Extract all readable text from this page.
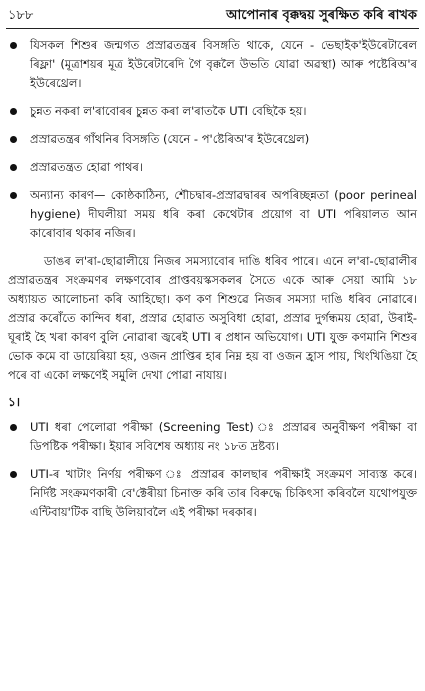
১৮৮	আপোনাৰ বৃক্কদ্বয় সুৰক্ষিত কৰি ৰাখক
যিসকল শিশুৰ জন্মগত প্ৰস্ৰাৱতন্ত্ৰৰ বিসঙ্গতি থাকে, যেনে - ভেছাইক'ইউৰেটাৰেল ৰিফ্লা' (মূত্ৰাশয়ৰ মূত্ৰ ইউৰেটাৰেদি গৈ বৃক্কলৈ উভতি যোৱা অৱস্থা) আৰু পষ্টেৰিঅ'ৰ ইউৰেথ্ৰেল।
চুন্নত নকৰা ল'ৰাবোৰৰ চুন্নত কৰা ল'ৰাতকৈ UTI বেছিকৈ হয়।
প্ৰস্ৰাৱতন্ত্ৰৰ গাঁথনিৰ বিসঙ্গতি (যেনে - প'ষ্টেৰিঅ'ৰ ইউৰেথ্ৰেল)
প্ৰস্ৰাৱতন্ত্ৰত হোৱা পাথৰ।
অন্যান্য কাৰণ— কোষ্ঠকাঠিন্য, শৌচদ্বাৰ-প্ৰস্ৰাৱদ্বাৰৰ অপৰিচ্ছন্নতা (poor perineal hygiene) দীঘলীয়া সময় ধৰি কৰা কেথেটাৰ প্ৰয়োগ বা UTI পৰিয়ালত আন কাৰোবাৰ থকাৰ নজিৰ।

ডাঙৰ ল'ৰা-ছোৱালীয়ে নিজৰ সমস্যাবোৰ দাঙি ধৰিব পাৰে। এনে ল'ৰা-ছোৱালীৰ প্ৰস্ৰাৱতন্ত্ৰৰ সংক্ৰমণৰ লক্ষণবোৰ প্ৰাপ্তবয়স্কসকলৰ সৈতে একে আৰু সেয়া আমি ১৮ অধ্যায়ত আলোচনা কৰি আহিছো। কণ কণ শিশুৱে নিজৰ সমস্যা দাঙি ধৰিব নোৱাৰে। প্ৰস্ৰাৱ কৰোঁতে কান্দিব ধৰা, প্ৰস্ৰাৱ হোৱাত অসুবিধা হোৱা, প্ৰস্ৰাৱ দুৰ্গন্ধময় হোৱা, উৰাই-ঘূৰাই হৈ খৰা কাৰণ বুলি নোৱাৰা জ্বৰেই UTI ৰ প্ৰধান অভিযোগ। UTI যুক্ত কণমানি শিশুৰ ভোক কমে বা ডায়েৰিয়া হয়, ওজন প্ৰাপ্তিৰ হাৰ নিম্ন হয় বা ওজন হ্ৰাস পায়, খিংখিঙিয়া হৈ পৰে বা একো লক্ষণেই সমুলি দেখা পোৱা নাযায়।

১।
UTI ধৰা পেলোৱা পৰীক্ষা (Screening Test) ঃ প্ৰস্ৰাৱৰ অনুবীক্ষণ পৰীক্ষা বা ডিপষ্টিক পৰীক্ষা। ইয়াৰ সবিশেষ অধ্যায় নং ১৮ত দ্ৰষ্টব্য।
UTI-ৰ খাটাং নিৰ্ণয় পৰীক্ষণ ঃ প্ৰস্ৰাৱৰ কালছাৰ পৰীক্ষাই সংক্ৰমণ সাব্যস্ত কৰে। নিৰ্দিষ্ট সংক্ৰমণকাৰী বে'ক্টেৰীয়া চিনাক্ত কৰি তাৰ বিৰুদ্ধে চিকিৎসা কৰিবলৈ যথোপযুক্ত এন্টিবায়'টিক বাছি উলিয়াবলৈ এই পৰীক্ষা দৰকাৰ।
